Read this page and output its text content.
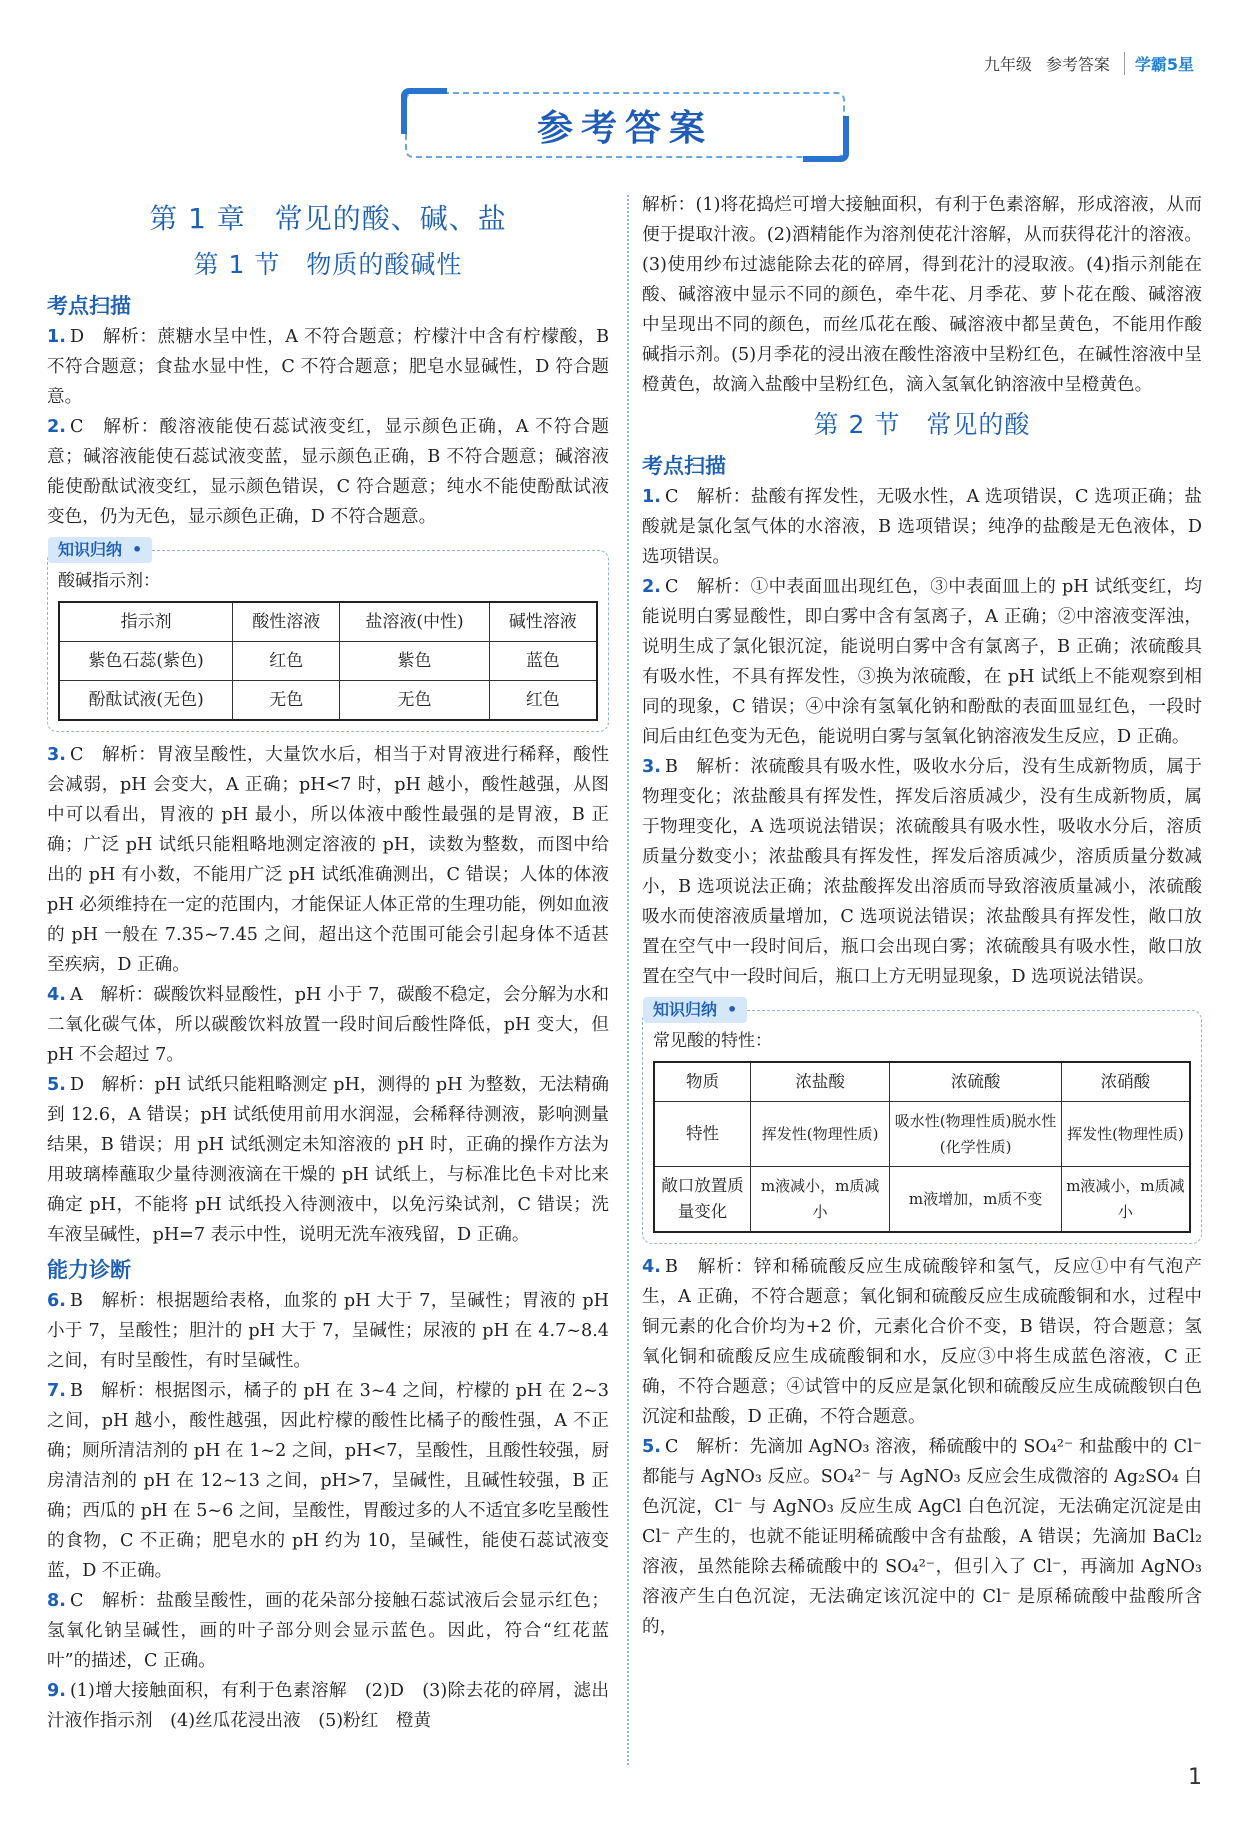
九年级 参考答案	学霸5星
参考答案
第 1 章　常见的酸、碱、盐
第 1 节　物质的酸碱性
考点扫描

1. D　解析：蔗糖水呈中性，A 不符合题意；柠檬汁中含有柠檬酸，B 不符合题意；食盐水显中性，C 不符合题意；肥皂水显碱性，D 符合题意。

2. C　解析：酸溶液能使石蕊试液变红，显示颜色正确，A 不符合题意；碱溶液能使石蕊试液变蓝，显示颜色正确，B 不符合题意；碱溶液能使酚酞试液变红，显示颜色错误，C 符合题意；纯水不能使酚酞试液变色，仍为无色，显示颜色正确，D 不符合题意。

知识归纳 •
酸碱指示剂：
指示剂	酸性溶液	盐溶液(中性)	碱性溶液
紫色石蕊(紫色)	红色	紫色	蓝色
酚酞试液(无色)	无色	无色	红色

3. C　解析：胃液呈酸性，大量饮水后，相当于对胃液进行稀释，酸性会减弱，pH 会变大，A 正确；pH<7 时，pH 越小，酸性越强，从图中可以看出，胃液的 pH 最小，所以体液中酸性最强的是胃液，B 正确；广泛 pH 试纸只能粗略地测定溶液的 pH，读数为整数，而图中给出的 pH 有小数，不能用广泛 pH 试纸准确测出，C 错误；人体的体液 pH 必须维持在一定的范围内，才能保证人体正常的生理功能，例如血液的 pH 一般在 7.35~7.45 之间，超出这个范围可能会引起身体不适甚至疾病，D 正确。

4. A　解析：碳酸饮料显酸性，pH 小于 7，碳酸不稳定，会分解为水和二氧化碳气体，所以碳酸饮料放置一段时间后酸性降低，pH 变大，但 pH 不会超过 7。

5. D　解析：pH 试纸只能粗略测定 pH，测得的 pH 为整数，无法精确到 12.6，A 错误；pH 试纸使用前用水润湿，会稀释待测液，影响测量结果，B 错误；用 pH 试纸测定未知溶液的 pH 时，正确的操作方法为用玻璃棒蘸取少量待测液滴在干燥的 pH 试纸上，与标准比色卡对比来确定 pH，不能将 pH 试纸投入待测液中，以免污染试剂，C 错误；洗车液呈碱性，pH=7 表示中性，说明无洗车液残留，D 正确。

能力诊断

6. B　解析：根据题给表格，血浆的 pH 大于 7，呈碱性；胃液的 pH 小于 7，呈酸性；胆汁的 pH 大于 7，呈碱性；尿液的 pH 在 4.7~8.4 之间，有时呈酸性，有时呈碱性。

7. B　解析：根据图示，橘子的 pH 在 3~4 之间，柠檬的 pH 在 2~3 之间，pH 越小，酸性越强，因此柠檬的酸性比橘子的酸性强，A 不正确；厕所清洁剂的 pH 在 1~2 之间，pH<7，呈酸性，且酸性较强，厨房清洁剂的 pH 在 12~13 之间，pH>7，呈碱性，且碱性较强，B 正确；西瓜的 pH 在 5~6 之间，呈酸性，胃酸过多的人不适宜多吃呈酸性的食物，C 不正确；肥皂水的 pH 约为 10，呈碱性，能使石蕊试液变蓝，D 不正确。

8. C　解析：盐酸呈酸性，画的花朵部分接触石蕊试液后会显示红色；氢氧化钠呈碱性，画的叶子部分则会显示蓝色。因此，符合“红花蓝叶”的描述，C 正确。

9. (1)增大接触面积，有利于色素溶解　(2)D　(3)除去花的碎屑，滤出汁液作指示剂　(4)丝瓜花浸出液　(5)粉红　橙黄

解析：(1)将花捣烂可增大接触面积，有利于色素溶解，形成溶液，从而便于提取汁液。(2)酒精能作为溶剂使花汁溶解，从而获得花汁的溶液。(3)使用纱布过滤能除去花的碎屑，得到花汁的浸取液。(4)指示剂能在酸、碱溶液中显示不同的颜色，牵牛花、月季花、萝卜花在酸、碱溶液中呈现出不同的颜色，而丝瓜花在酸、碱溶液中都呈黄色，不能用作酸碱指示剂。(5)月季花的浸出液在酸性溶液中呈粉红色，在碱性溶液中呈橙黄色，故滴入盐酸中呈粉红色，滴入氢氧化钠溶液中呈橙黄色。

第 2 节　常见的酸
考点扫描

1. C　解析：盐酸有挥发性，无吸水性，A 选项错误，C 选项正确；盐酸就是氯化氢气体的水溶液，B 选项错误；纯净的盐酸是无色液体，D 选项错误。

2. C　解析：①中表面皿出现红色，③中表面皿上的 pH 试纸变红，均能说明白雾显酸性，即白雾中含有氢离子，A 正确；②中溶液变浑浊，说明生成了氯化银沉淀，能说明白雾中含有氯离子，B 正确；浓硫酸具有吸水性，不具有挥发性，③换为浓硫酸，在 pH 试纸上不能观察到相同的现象，C 错误；④中涂有氢氧化钠和酚酞的表面皿显红色，一段时间后由红色变为无色，能说明白雾与氢氧化钠溶液发生反应，D 正确。

3. B　解析：浓硫酸具有吸水性，吸收水分后，没有生成新物质，属于物理变化；浓盐酸具有挥发性，挥发后溶质减少，没有生成新物质，属于物理变化，A 选项说法错误；浓硫酸具有吸水性，吸收水分后，溶质质量分数变小；浓盐酸具有挥发性，挥发后溶质减少，溶质质量分数减小，B 选项说法正确；浓盐酸挥发出溶质而导致溶液质量减小，浓硫酸吸水而使溶液质量增加，C 选项说法错误；浓盐酸具有挥发性，敞口放置在空气中一段时间后，瓶口会出现白雾；浓硫酸具有吸水性，敞口放置在空气中一段时间后，瓶口上方无明显现象，D 选项说法错误。

知识归纳 •
常见酸的特性：
物质	浓盐酸	浓硫酸	浓硝酸
特性	挥发性(物理性质)	吸水性(物理性质)脱水性(化学性质)	挥发性(物理性质)
敞口放置质量变化	m液减小，m质减小	m液增加，m质不变	m液减小，m质减小

4. B　解析：锌和稀硫酸反应生成硫酸锌和氢气，反应①中有气泡产生，A 正确，不符合题意；氧化铜和硫酸反应生成硫酸铜和水，过程中铜元素的化合价均为+2 价，元素化合价不变，B 错误，符合题意；氢氧化铜和硫酸反应生成硫酸铜和水，反应③中将生成蓝色溶液，C 正确，不符合题意；④试管中的反应是氯化钡和硫酸反应生成硫酸钡白色沉淀和盐酸，D 正确，不符合题意。

5. C　解析：先滴加 AgNO₃ 溶液，稀硫酸中的 SO₄²⁻ 和盐酸中的 Cl⁻ 都能与 AgNO₃ 反应。SO₄²⁻ 与 AgNO₃ 反应会生成微溶的 Ag₂SO₄ 白色沉淀，Cl⁻ 与 AgNO₃ 反应生成 AgCl 白色沉淀，无法确定沉淀是由 Cl⁻ 产生的，也就不能证明稀硫酸中含有盐酸，A 错误；先滴加 BaCl₂ 溶液，虽然能除去稀硫酸中的 SO₄²⁻，但引入了 Cl⁻，再滴加 AgNO₃ 溶液产生白色沉淀，无法确定该沉淀中的 Cl⁻ 是原稀硫酸中盐酸所含的，

1
